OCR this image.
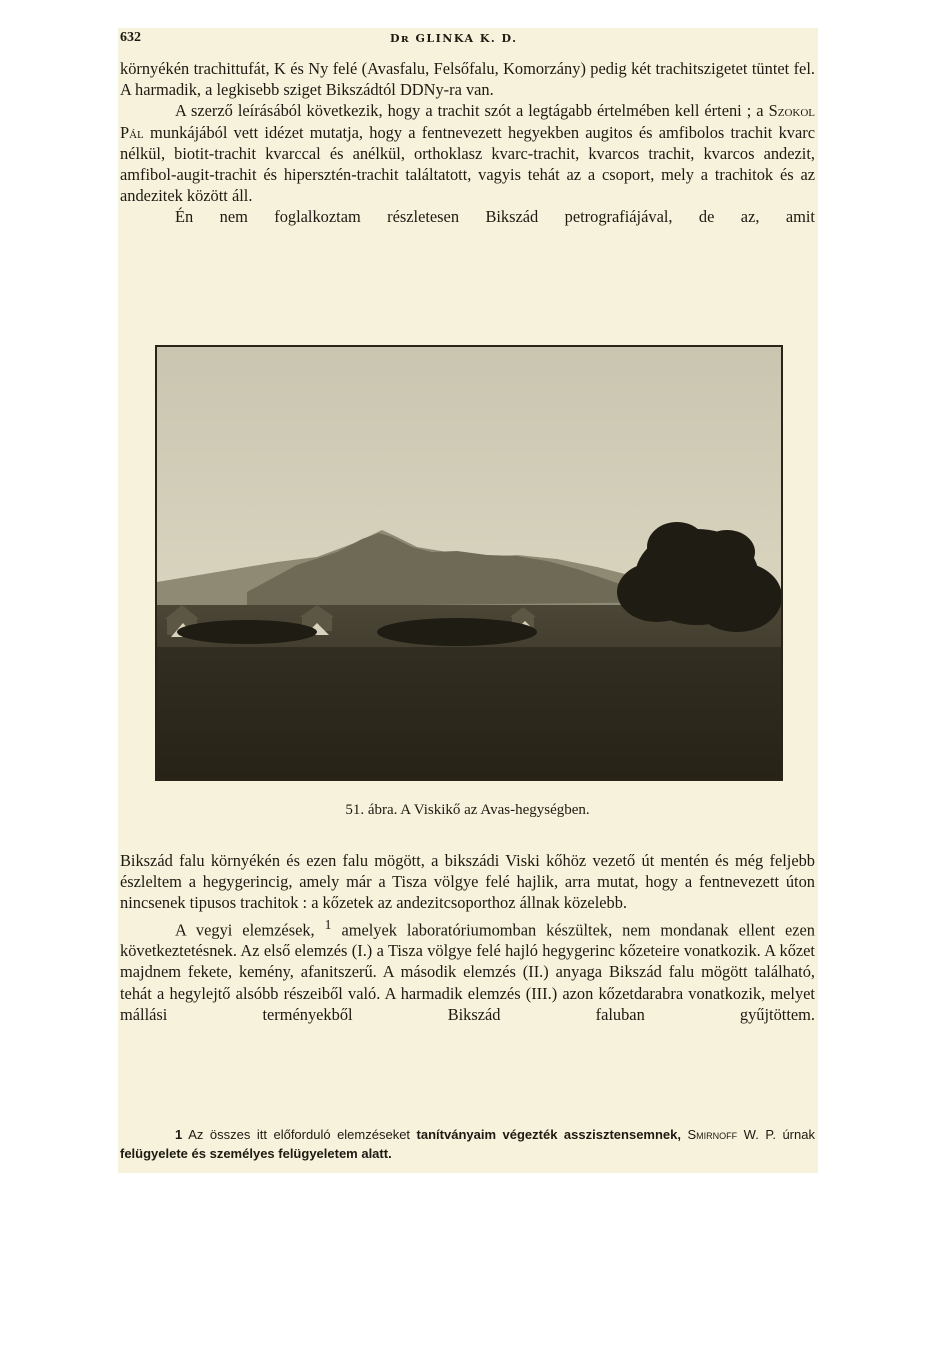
632	Dʀ GLINKA K. D.

környékén trachittufát, K és Ny felé (Avasfalu, Felsőfalu, Komorzány) pedig két trachitszigetet tüntet fel. A harmadik, a legkisebb sziget Bikszádtól DDNy-ra van.

A szerző leírásából következik, hogy a trachit szót a legtágabb értelmében kell érteni ; a Szokol Pál munkájából vett idézet mutatja, hogy a fentnevezett hegyekben augitos és amfibolos trachit kvarc nélkül, biotit-trachit kvarccal és anélkül, orthoklasz kvarc-trachit, kvarcos trachit, kvarcos andezit, amfibol-augit-trachit és hipersztén-trachit találtatott, vagyis tehát az a csoport, mely a trachitok és az andezitek között áll.

Én nem foglalkoztam részletesen Bikszád petrografiájával, de az, amit

51. ábra. A Viskikő az Avas-hegységben.

Bikszád falu környékén és ezen falu mögött, a bikszádi Viski kőhöz vezető út mentén és még feljebb észleltem a hegygerincig, amely már a Tisza völgye felé hajlik, arra mutat, hogy a fentnevezett úton nincsenek tipusos trachitok : a kőzetek az andezitcsoporthoz állnak közelebb.

A vegyi elemzések, $^1$ amelyek laboratóriumomban készültek, nem mondanak ellent ezen következtetésnek. Az első elemzés (I.) a Tisza völgye felé hajló hegygerinc kőzeteire vonatkozik. A kőzet majdnem fekete, kemény, afanitszerű. A második elemzés (II.) anyaga Bikszád falu mögött található, tehát a hegylejtő alsóbb részeiből való. A harmadik elemzés (III.) azon kőzetdarabra vonatkozik, melyet mállási terményekből Bikszád faluban gyűjtöttem.

1 Az összes itt előforduló elemzéseket tanítványaim végezték asszisztensemnek, Smirnoff W. P. úrnak felügyelete és személyes felügyeletem alatt.
